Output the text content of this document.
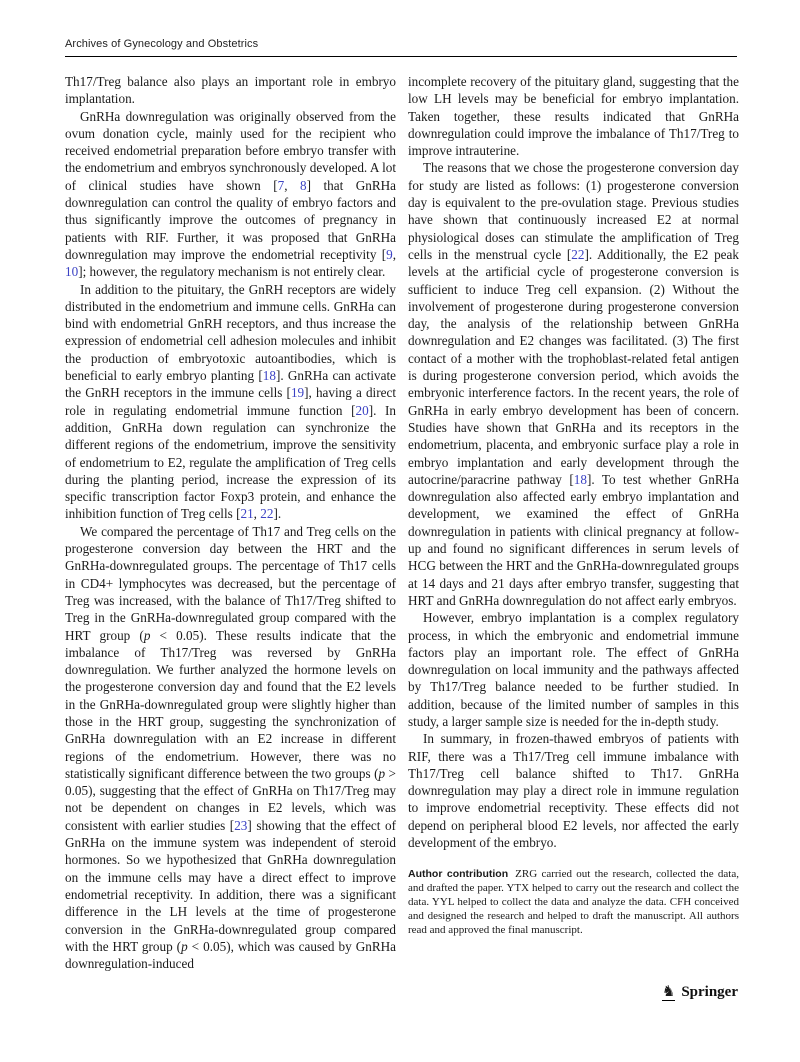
Archives of Gynecology and Obstetrics

Th17/Treg balance also plays an important role in embryo implantation.

GnRHa downregulation was originally observed from the ovum donation cycle, mainly used for the recipient who received endometrial preparation before embryo transfer with the endometrium and embryos synchronously developed. A lot of clinical studies have shown [7, 8] that GnRHa downregulation can control the quality of embryo factors and thus significantly improve the outcomes of pregnancy in patients with RIF. Further, it was proposed that GnRHa downregulation may improve the endometrial receptivity [9, 10]; however, the regulatory mechanism is not entirely clear.

In addition to the pituitary, the GnRH receptors are widely distributed in the endometrium and immune cells. GnRHa can bind with endometrial GnRH receptors, and thus increase the expression of endometrial cell adhesion molecules and inhibit the production of embryotoxic autoantibodies, which is beneficial to early embryo planting [18]. GnRHa can activate the GnRH receptors in the immune cells [19], having a direct role in regulating endometrial immune function [20]. In addition, GnRHa down regulation can synchronize the different regions of the endometrium, improve the sensitivity of endometrium to E2, regulate the amplification of Treg cells during the planting period, increase the expression of its specific transcription factor Foxp3 protein, and enhance the inhibition function of Treg cells [21, 22].

We compared the percentage of Th17 and Treg cells on the progesterone conversion day between the HRT and the GnRHa-downregulated groups. The percentage of Th17 cells in CD4+ lymphocytes was decreased, but the percentage of Treg was increased, with the balance of Th17/Treg shifted to Treg in the GnRHa-downregulated group compared with the HRT group (p < 0.05). These results indicate that the imbalance of Th17/Treg was reversed by GnRHa downregulation. We further analyzed the hormone levels on the progesterone conversion day and found that the E2 levels in the GnRHa-downregulated group were slightly higher than those in the HRT group, suggesting the synchronization of GnRHa downregulation with an E2 increase in different regions of the endometrium. However, there was no statistically significant difference between the two groups (p > 0.05), suggesting that the effect of GnRHa on Th17/Treg may not be dependent on changes in E2 levels, which was consistent with earlier studies [23] showing that the effect of GnRHa on the immune system was independent of steroid hormones. So we hypothesized that GnRHa downregulation on the immune cells may have a direct effect to improve endometrial receptivity. In addition, there was a significant difference in the LH levels at the time of progesterone conversion in the GnRHa-downregulated group compared with the HRT group (p < 0.05), which was caused by GnRHa downregulation-induced

incomplete recovery of the pituitary gland, suggesting that the low LH levels may be beneficial for embryo implantation. Taken together, these results indicated that GnRHa downregulation could improve the imbalance of Th17/Treg to improve intrauterine.

The reasons that we chose the progesterone conversion day for study are listed as follows: (1) progesterone conversion day is equivalent to the pre-ovulation stage. Previous studies have shown that continuously increased E2 at normal physiological doses can stimulate the amplification of Treg cells in the menstrual cycle [22]. Additionally, the E2 peak levels at the artificial cycle of progesterone conversion is sufficient to induce Treg cell expansion. (2) Without the involvement of progesterone during progesterone conversion day, the analysis of the relationship between GnRHa downregulation and E2 changes was facilitated. (3) The first contact of a mother with the trophoblast-related fetal antigen is during progesterone conversion period, which avoids the embryonic interference factors. In the recent years, the role of GnRHa in early embryo development has been of concern. Studies have shown that GnRHa and its receptors in the endometrium, placenta, and embryonic surface play a role in embryo implantation and early development through the autocrine/paracrine pathway [18]. To test whether GnRHa downregulation also affected early embryo implantation and development, we examined the effect of GnRHa downregulation in patients with clinical pregnancy at follow-up and found no significant differences in serum levels of HCG between the HRT and the GnRHa-downregulated groups at 14 days and 21 days after embryo transfer, suggesting that HRT and GnRHa downregulation do not affect early embryos.

However, embryo implantation is a complex regulatory process, in which the embryonic and endometrial immune factors play an important role. The effect of GnRHa downregulation on local immunity and the pathways affected by Th17/Treg balance needed to be further studied. In addition, because of the limited number of samples in this study, a larger sample size is needed for the in-depth study.

In summary, in frozen-thawed embryos of patients with RIF, there was a Th17/Treg cell immune imbalance with Th17/Treg cell balance shifted to Th17. GnRHa downregulation may play a direct role in immune regulation to improve endometrial receptivity. These effects did not depend on peripheral blood E2 levels, nor affected the early development of the embryo.

Author contribution ZRG carried out the research, collected the data, and drafted the paper. YTX helped to carry out the research and collect the data. YYL helped to collect the data and analyze the data. CFH conceived and designed the research and helped to draft the manuscript. All authors read and approved the final manuscript.

♞ Springer
